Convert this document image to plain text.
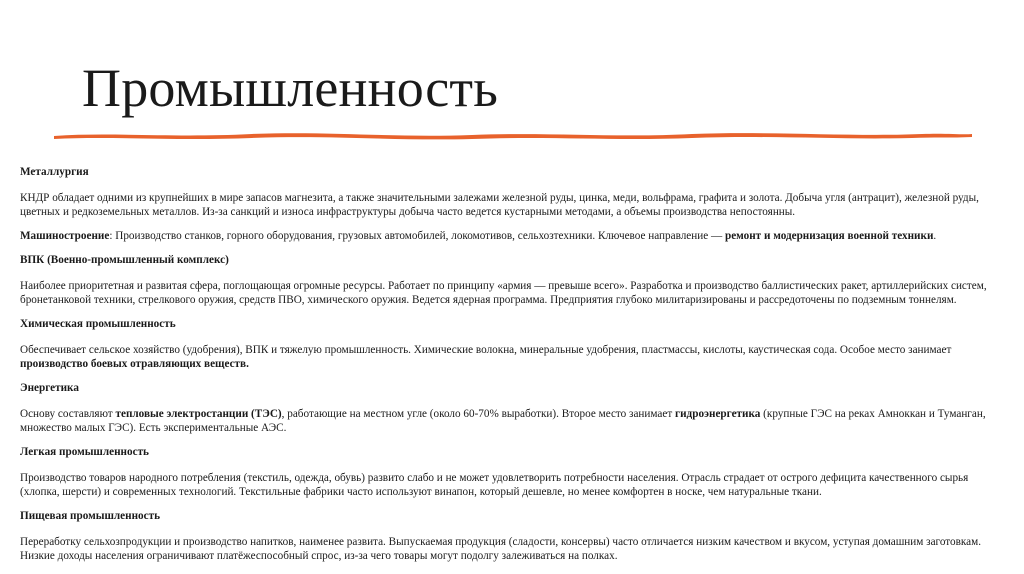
Промышленность
Металлургия

КНДР обладает одними из крупнейших в мире запасов магнезита, а также значительными залежами железной руды, цинка, меди, вольфрама, графита и золота. Добыча угля (антрацит), железной руды, цветных и редкоземельных металлов. Из-за санкций и износа инфраструктуры добыча часто ведется кустарными методами, а объемы производства непостоянны.

Машиностроение: Производство станков, горного оборудования, грузовых автомобилей, локомотивов, сельхозтехники. Ключевое направление — ремонт и модернизация военной техники.

ВПК (Военно-промышленный комплекс)

Наиболее приоритетная и развитая сфера, поглощающая огромные ресурсы. Работает по принципу «армия — превыше всего». Разработка и производство баллистических ракет, артиллерийских систем, бронетанковой техники, стрелкового оружия, средств ПВО, химического оружия. Ведется ядерная программа. Предприятия глубоко милитаризированы и рассредоточены по подземным тоннелям.

Химическая промышленность

Обеспечивает сельское хозяйство (удобрения), ВПК и тяжелую промышленность. Химические волокна, минеральные удобрения, пластмассы, кислоты, каустическая сода. Особое место занимает производство боевых отравляющих веществ.

Энергетика

Основу составляют тепловые электростанции (ТЭС), работающие на местном угле (около 60-70% выработки). Второе место занимает гидроэнергетика (крупные ГЭС на реках Амноккан и Туманган, множество малых ГЭС). Есть экспериментальные АЭС.

Легкая промышленность

Производство товаров народного потребления (текстиль, одежда, обувь) развито слабо и не может удовлетворить потребности населения. Отрасль страдает от острого дефицита качественного сырья (хлопка, шерсти) и современных технологий. Текстильные фабрики часто используют винапон, который дешевле, но менее комфортен в носке, чем натуральные ткани.

Пищевая промышленность

Переработку сельхозпродукции и производство напитков, наименее развита. Выпускаемая продукция (сладости, консервы) часто отличается низким качеством и вкусом, уступая домашним заготовкам. Низкие доходы населения ограничивают платёжеспособный спрос, из-за чего товары могут подолгу залеживаться на полках.
